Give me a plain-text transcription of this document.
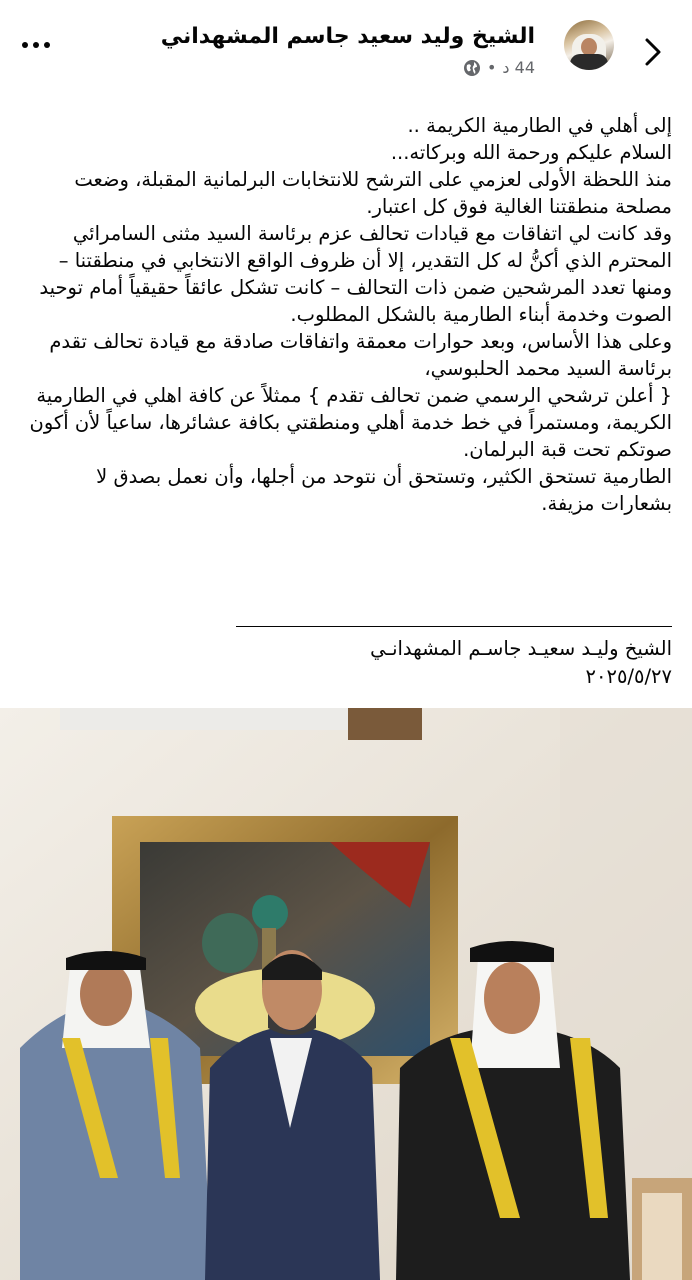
الشيخ وليد سعيد جاسم المشهداني
44 د
•

إلى أهلي في الطارمية الكريمة ..

السلام عليكم ورحمة الله وبركاته...

منذ اللحظة الأولى لعزمي على الترشح للانتخابات البرلمانية المقبلة، وضعت مصلحة منطقتنا الغالية فوق كل اعتبار.

وقد كانت لي اتفاقات مع قيادات تحالف عزم برئاسة السيد مثنى السامرائي المحترم الذي أكنُّ له كل التقدير، إلا أن ظروف الواقع الانتخابي في منطقتنا – ومنها تعدد المرشحين ضمن ذات التحالف – كانت تشكل عائقاً حقيقياً أمام توحيد الصوت وخدمة أبناء الطارمية بالشكل المطلوب.

وعلى هذا الأساس، وبعد حوارات معمقة واتفاقات صادقة مع قيادة تحالف تقدم برئاسة السيد محمد الحلبوسي،

{ أعلن ترشحي الرسمي ضمن تحالف تقدم } ممثلاً عن كافة اهلي في الطارمية الكريمة، ومستمراً في خط خدمة أهلي ومنطقتي بكافة عشائرها، ساعياً لأن أكون صوتكم تحت قبة البرلمان.

الطارمية تستحق الكثير، وتستحق أن نتوحد من أجلها، وأن نعمل بصدق لا بشعارات مزيفة.

الشيخ وليـد سعيـد جاسـم المشهدانـي
٢٠٢٥/٥/٢٧
